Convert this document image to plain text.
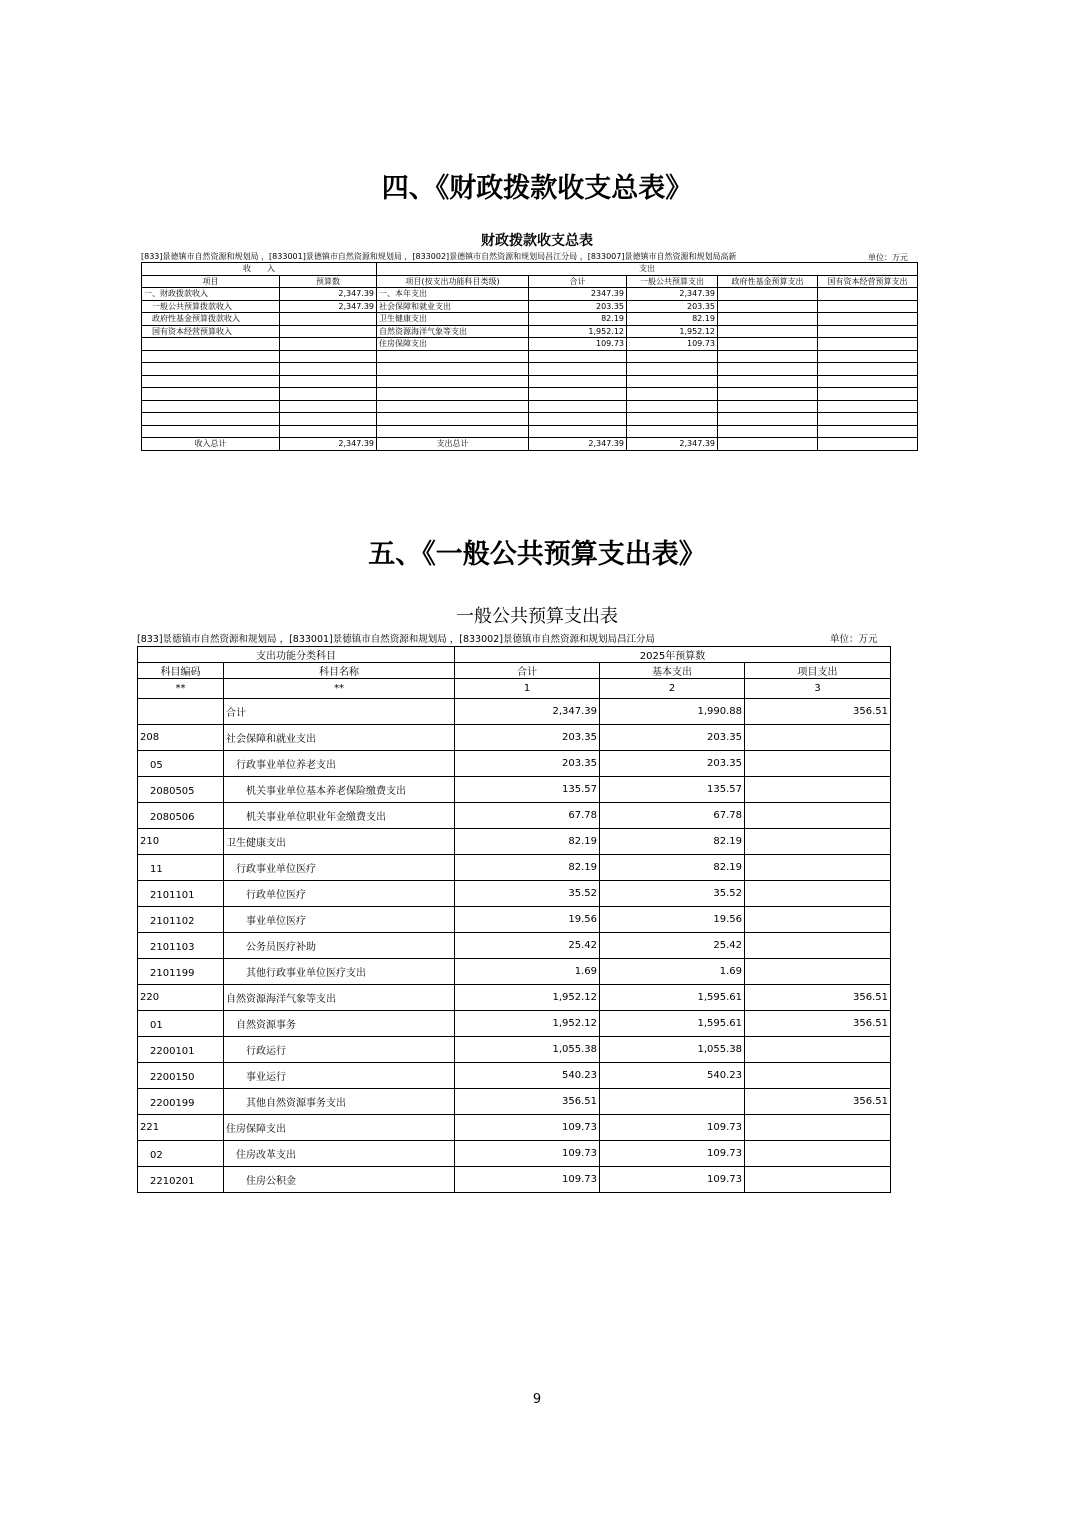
四、《财政拨款收支总表》
财政拨款收支总表
[833]景德镇市自然资源和规划局 ，[833001]景德镇市自然资源和规划局 ，[833002]景德镇市自然资源和规划局昌江分局 ，[833007]景德镇市自然资源和规划局高新	单位：万元
收　　入		支出				
项目	预算数	项目(按支出功能科目类级)	合计	一般公共预算支出	政府性基金预算支出	国有资本经营预算支出
一、财政拨款收入	2,347.39	一、本年支出	2347.39	2,347.39		
　一般公共预算拨款收入	2,347.39	社会保障和就业支出	203.35	203.35		
　政府性基金预算拨款收入		卫生健康支出	82.19	82.19		
　国有资本经营预算收入		自然资源海洋气象等支出	1,952.12	1,952.12		
		住房保障支出	109.73	109.73		

收入总计	2,347.39	支出总计	2,347.39	2,347.39		
五、《一般公共预算支出表》
一般公共预算支出表
[833]景德镇市自然资源和规划局 ，[833001]景德镇市自然资源和规划局 ，[833002]景德镇市自然资源和规划局昌江分局	单位：万元
支出功能分类科目		2025年预算数		
科目编码	科目名称	合计	基本支出	项目支出
**	**	1	2	3
	合计	2,347.39	1,990.88	356.51
208	社会保障和就业支出	203.35	203.35	
　05	　行政事业单位养老支出	203.35	203.35	
　2080505	　　机关事业单位基本养老保险缴费支出	135.57	135.57	
　2080506	　　机关事业单位职业年金缴费支出	67.78	67.78	
210	卫生健康支出	82.19	82.19	
　11	　行政事业单位医疗	82.19	82.19	
　2101101	　　行政单位医疗	35.52	35.52	
　2101102	　　事业单位医疗	19.56	19.56	
　2101103	　　公务员医疗补助	25.42	25.42	
　2101199	　　其他行政事业单位医疗支出	1.69	1.69	
220	自然资源海洋气象等支出	1,952.12	1,595.61	356.51
　01	　自然资源事务	1,952.12	1,595.61	356.51
　2200101	　　行政运行	1,055.38	1,055.38	
　2200150	　　事业运行	540.23	540.23	
　2200199	　　其他自然资源事务支出	356.51		356.51
221	住房保障支出	109.73	109.73	
　02	　住房改革支出	109.73	109.73	
　2210201	　　住房公积金	109.73	109.73	
9
